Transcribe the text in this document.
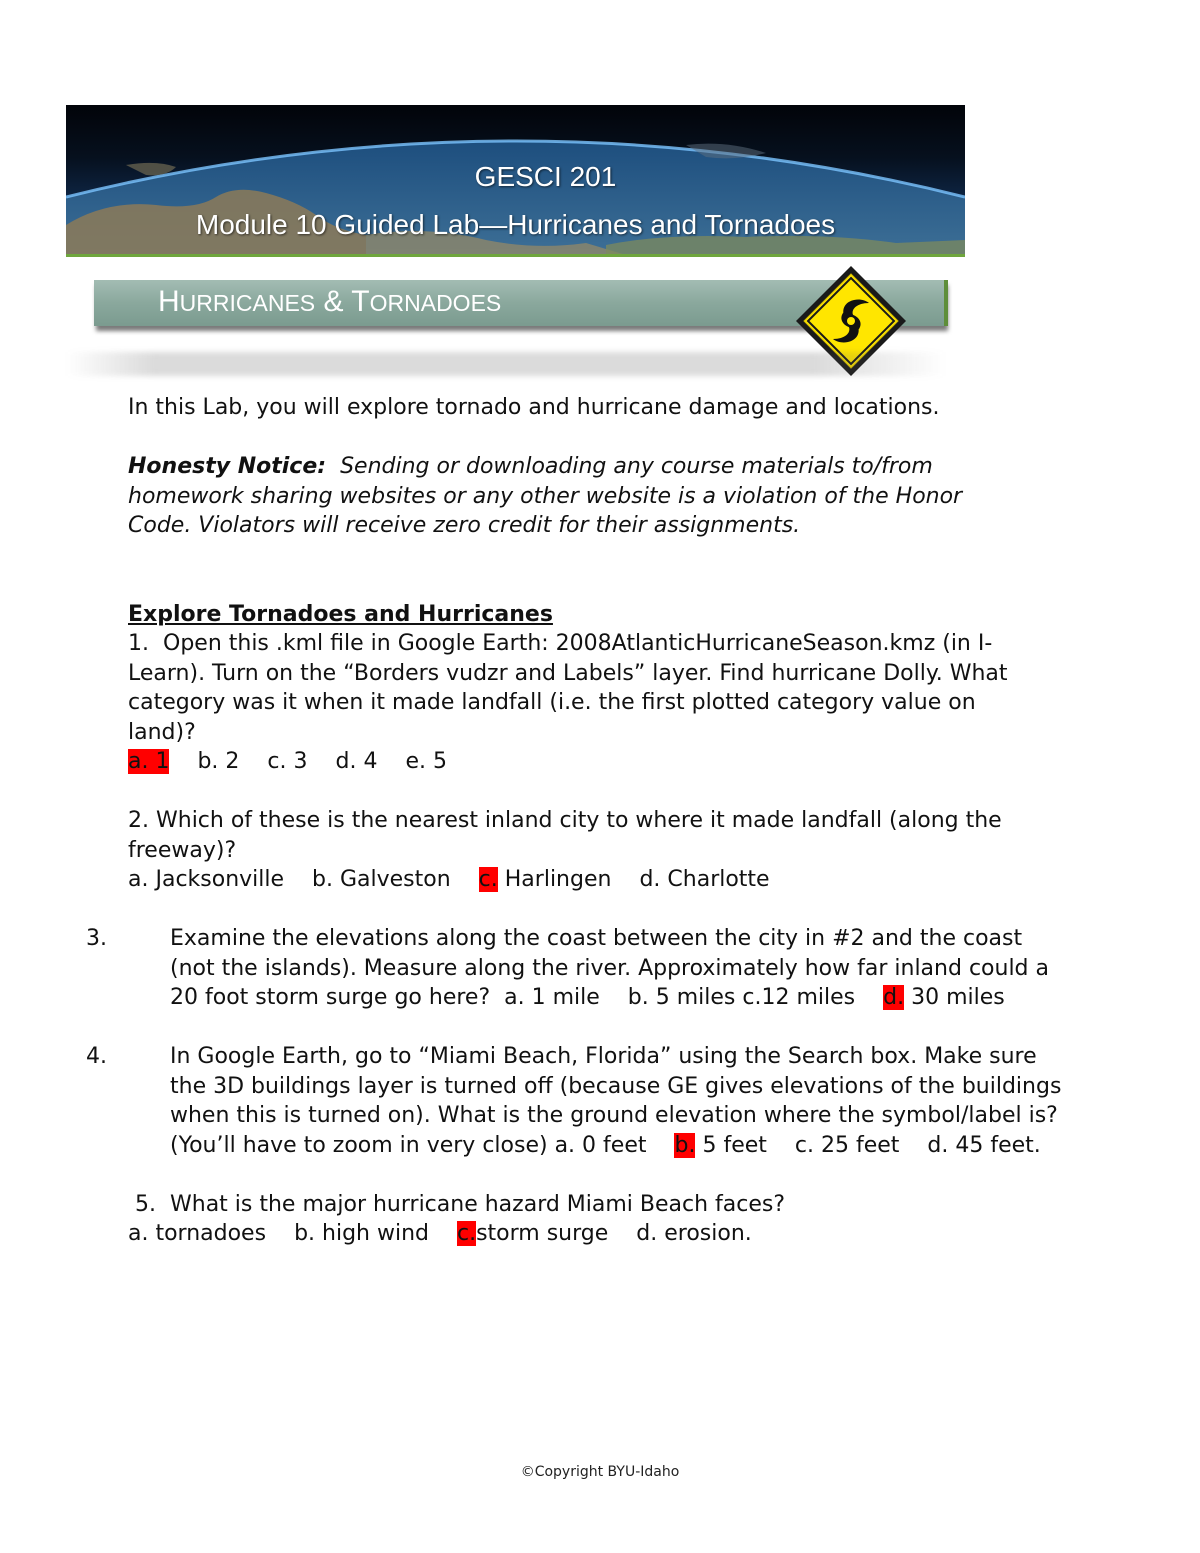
GESCI 201
Module 10 Guided Lab—Hurricanes and Tornadoes
HURRICANES & TORNADOES

In this Lab, you will explore tornado and hurricane damage and locations.

Honesty Notice: Sending or downloading any course materials to/from homework sharing websites or any other website is a violation of the Honor Code. Violators will receive zero credit for their assignments.

Explore Tornadoes and Hurricanes

1. Open this .kml file in Google Earth: 2008AtlanticHurricaneSeason.kmz (in I-Learn). Turn on the “Borders vudzr and Labels” layer. Find hurricane Dolly. What category was it when it made landfall (i.e. the first plotted category value on land)?

a. 1 b. 2 c. 3 d. 4 e. 5

2. Which of these is the nearest inland city to where it made landfall (along the freeway)?

a. Jacksonville b. Galveston c. Harlingen d. Charlotte

3.	Examine the elevations along the coast between the city in #2 and the coast (not the islands). Measure along the river. Approximately how far inland could a 20 foot storm surge go here? a. 1 mile b. 5 miles c.12 miles d. 30 miles

4.	In Google Earth, go to “Miami Beach, Florida” using the Search box. Make sure the 3D buildings layer is turned off (because GE gives elevations of the buildings when this is turned on). What is the ground elevation where the symbol/label is? (You’ll have to zoom in very close) a. 0 feet b. 5 feet c. 25 feet d. 45 feet.

5. What is the major hurricane hazard Miami Beach faces?

a. tornadoes b. high wind c.storm surge d. erosion.

©Copyright BYU-Idaho
